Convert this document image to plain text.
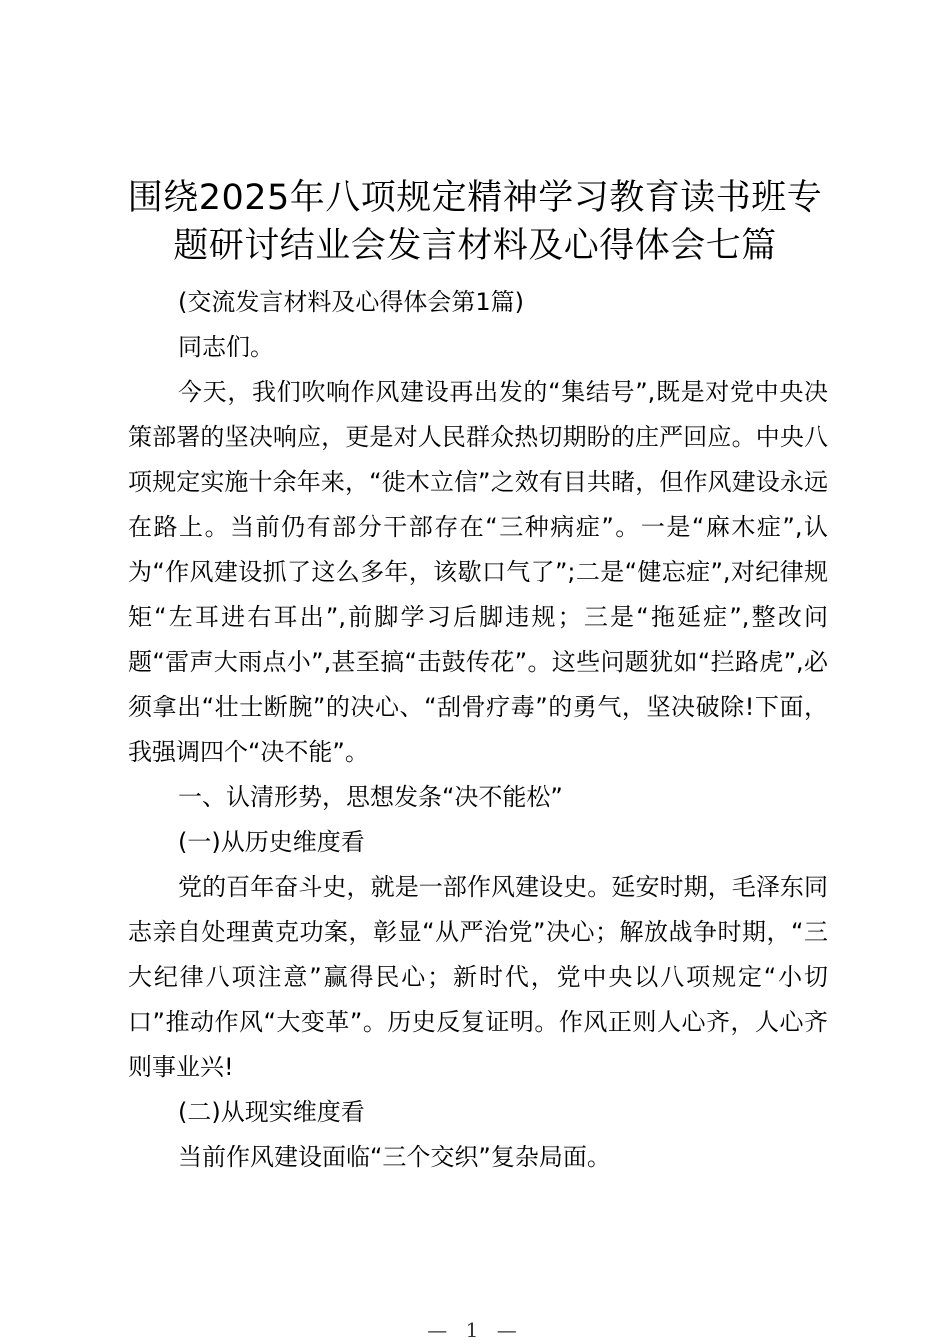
围绕2025年八项规定精神学习教育读书班专
题研讨结业会发言材料及心得体会七篇

(交流发言材料及心得体会第1篇)

同志们。

今天，我们吹响作风建设再出发的“集结号”,既是对党中央决策部署的坚决响应，更是对人民群众热切期盼的庄严回应。中央八项规定实施十余年来，“徙木立信”之效有目共睹，但作风建设永远在路上。当前仍有部分干部存在“三种病症”。一是“麻木症”,认为“作风建设抓了这么多年，该歇口气了”;二是“健忘症”,对纪律规矩“左耳进右耳出”,前脚学习后脚违规；三是“拖延症”,整改问题“雷声大雨点小”,甚至搞“击鼓传花”。这些问题犹如“拦路虎”,必须拿出“壮士断腕”的决心、“刮骨疗毒”的勇气，坚决破除!下面，我强调四个“决不能”。

一、认清形势，思想发条“决不能松”

(一)从历史维度看

党的百年奋斗史，就是一部作风建设史。延安时期，毛泽东同志亲自处理黄克功案，彰显“从严治党”决心；解放战争时期，“三大纪律八项注意”赢得民心；新时代，党中央以八项规定“小切口”推动作风“大变革”。历史反复证明。作风正则人心齐，人心齐则事业兴!

(二)从现实维度看

当前作风建设面临“三个交织”复杂局面。

— 1 —
